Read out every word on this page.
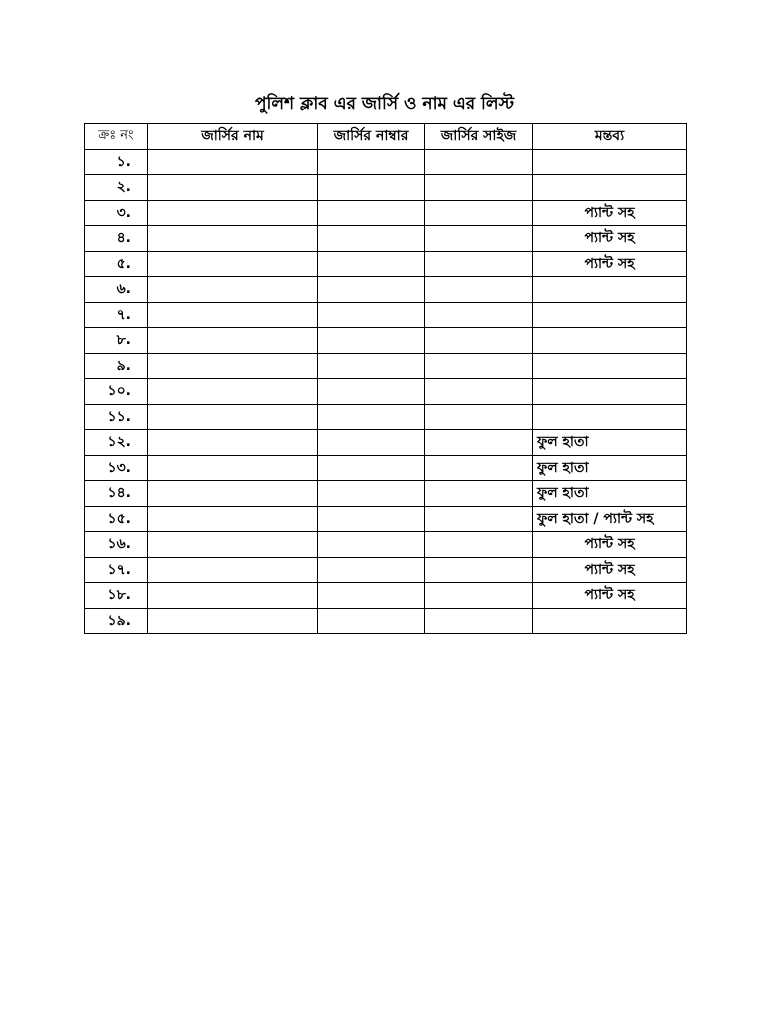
পুলিশ ক্লাব এর জার্সি ও নাম এর লিস্ট
ক্রঃ নং	জার্সির নাম	জার্সির নাম্বার	জার্সির সাইজ	মন্তব্য
১.				
২.				
৩.				প্যান্ট সহ
৪.				প্যান্ট সহ
৫.				প্যান্ট সহ
৬.				
৭.				
৮.				
৯.				
১০.				
১১.				
১২.				ফুল হাতা
১৩.				ফুল হাতা
১৪.				ফুল হাতা
১৫.				ফুল হাতা / প্যান্ট সহ
১৬.				প্যান্ট সহ
১৭.				প্যান্ট সহ
১৮.				প্যান্ট সহ
১৯.				
